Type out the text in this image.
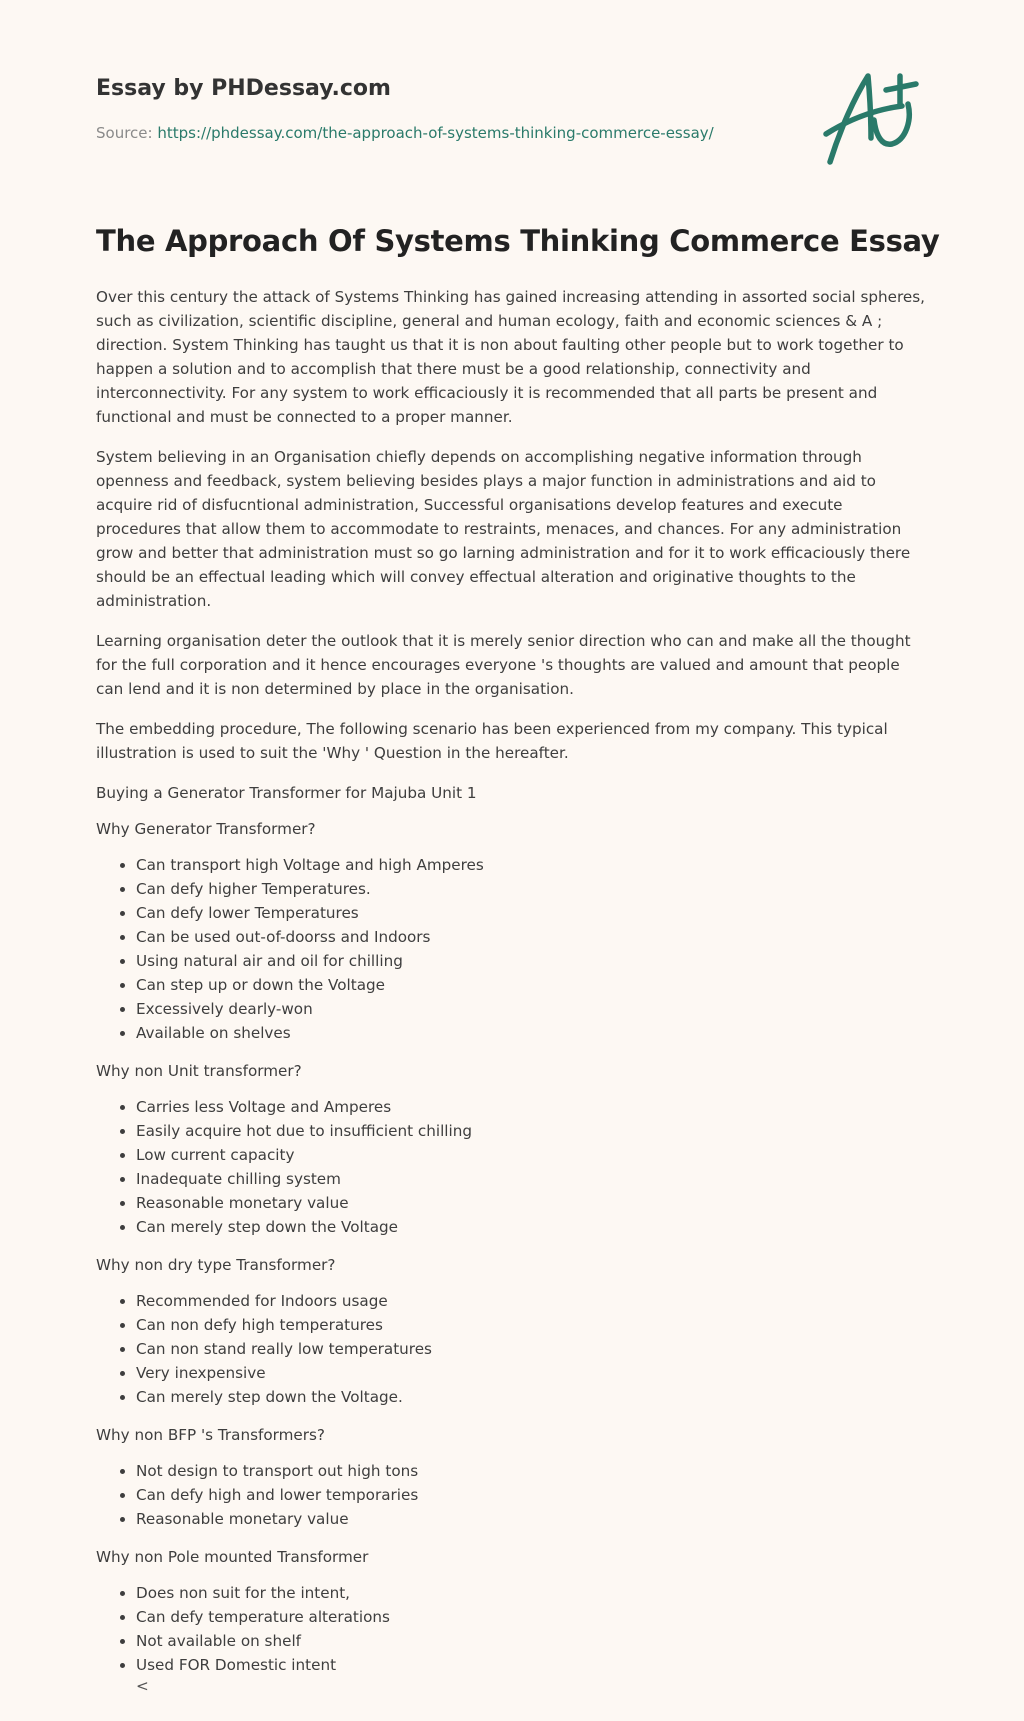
Essay by PHDessay.com
Source: https://phdessay.com/the-approach-of-systems-thinking-commerce-essay/
The Approach Of Systems Thinking Commerce Essay

Over this century the attack of Systems Thinking has gained increasing attending in assorted social spheres, such as civilization, scientific discipline, general and human ecology, faith and economic sciences & A ; direction. System Thinking has taught us that it is non about faulting other people but to work together to happen a solution and to accomplish that there must be a good relationship, connectivity and interconnectivity. For any system to work efficaciously it is recommended that all parts be present and functional and must be connected to a proper manner.

System believing in an Organisation chiefly depends on accomplishing negative information through openness and feedback, system believing besides plays a major function in administrations and aid to acquire rid of disfucntional administration, Successful organisations develop features and execute procedures that allow them to accommodate to restraints, menaces, and chances. For any administration grow and better that administration must so go larning administration and for it to work efficaciously there should be an effectual leading which will convey effectual alteration and originative thoughts to the administration.

Learning organisation deter the outlook that it is merely senior direction who can and make all the thought for the full corporation and it hence encourages everyone 's thoughts are valued and amount that people can lend and it is non determined by place in the organisation.

The embedding procedure, The following scenario has been experienced from my company. This typical illustration is used to suit the 'Why ' Question in the hereafter.

Buying a Generator Transformer for Majuba Unit 1

Why Generator Transformer?

• Can transport high Voltage and high Amperes
• Can defy higher Temperatures.
• Can defy lower Temperatures
• Can be used out-of-doorss and Indoors
• Using natural air and oil for chilling
• Can step up or down the Voltage
• Excessively dearly-won
• Available on shelves

Why non Unit transformer?

• Carries less Voltage and Amperes
• Easily acquire hot due to insufficient chilling
• Low current capacity
• Inadequate chilling system
• Reasonable monetary value
• Can merely step down the Voltage

Why non dry type Transformer?

• Recommended for Indoors usage
• Can non defy high temperatures
• Can non stand really low temperatures
• Very inexpensive
• Can merely step down the Voltage.

Why non BFP 's Transformers?

• Not design to transport out high tons
• Can defy high and lower temporaries
• Reasonable monetary value

Why non Pole mounted Transformer

• Does non suit for the intent,
• Can defy temperature alterations
• Not available on shelf
• Used FOR Domestic intent
<
